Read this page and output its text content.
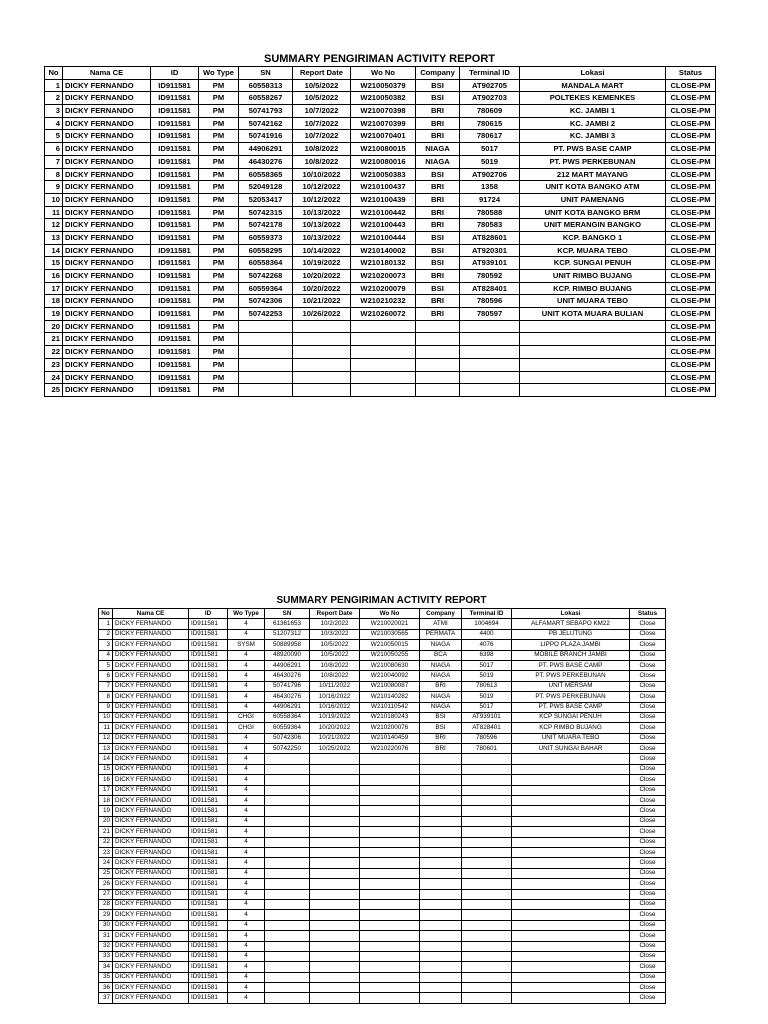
SUMMARY PENGIRIMAN ACTIVITY REPORT
No	Nama CE	ID	Wo Type	SN	Report Date	Wo No	Company	Terminal ID	Lokasi	Status
1	DICKY FERNANDO	ID911581	PM	60558313	10/5/2022	W210050379	BSI	AT902705	MANDALA MART	CLOSE-PM
2	DICKY FERNANDO	ID911581	PM	60558267	10/5/2022	W210050382	BSI	AT902703	POLTEKES KEMENKES	CLOSE-PM
3	DICKY FERNANDO	ID911581	PM	50741793	10/7/2022	W210070398	BRI	780609	KC. JAMBI 1	CLOSE-PM
4	DICKY FERNANDO	ID911581	PM	50742162	10/7/2022	W210070399	BRI	780615	KC. JAMBI 2	CLOSE-PM
5	DICKY FERNANDO	ID911581	PM	50741916	10/7/2022	W210070401	BRI	780617	KC. JAMBI 3	CLOSE-PM
6	DICKY FERNANDO	ID911581	PM	44906291	10/8/2022	W210080015	NIAGA	5017	PT. PWS BASE CAMP	CLOSE-PM
7	DICKY FERNANDO	ID911581	PM	46430276	10/8/2022	W210080016	NIAGA	5019	PT. PWS PERKEBUNAN	CLOSE-PM
8	DICKY FERNANDO	ID911581	PM	60558365	10/10/2022	W210050383	BSI	AT902706	212 MART MAYANG	CLOSE-PM
9	DICKY FERNANDO	ID911581	PM	52049128	10/12/2022	W210100437	BRI	1358	UNIT KOTA BANGKO ATM	CLOSE-PM
10	DICKY FERNANDO	ID911581	PM	52053417	10/12/2022	W210100439	BRI	91724	UNIT PAMENANG	CLOSE-PM
11	DICKY FERNANDO	ID911581	PM	50742315	10/13/2022	W210100442	BRI	780588	UNIT KOTA BANGKO BRM	CLOSE-PM
12	DICKY FERNANDO	ID911581	PM	50742178	10/13/2022	W210100443	BRI	780583	UNIT MERANGIN BANGKO	CLOSE-PM
13	DICKY FERNANDO	ID911581	PM	60559373	10/13/2022	W210100444	BSI	AT828601	KCP. BANGKO 1	CLOSE-PM
14	DICKY FERNANDO	ID911581	PM	60558295	10/14/2022	W210140002	BSI	AT920301	KCP. MUARA TEBO	CLOSE-PM
15	DICKY FERNANDO	ID911581	PM	60558364	10/19/2022	W210180132	BSI	AT939101	KCP. SUNGAI PENUH	CLOSE-PM
16	DICKY FERNANDO	ID911581	PM	50742268	10/20/2022	W210200073	BRI	780592	UNIT RIMBO BUJANG	CLOSE-PM
17	DICKY FERNANDO	ID911581	PM	60559364	10/20/2022	W210200079	BSI	AT828401	KCP. RIMBO BUJANG	CLOSE-PM
18	DICKY FERNANDO	ID911581	PM	50742306	10/21/2022	W210210232	BRI	780596	UNIT MUARA TEBO	CLOSE-PM
19	DICKY FERNANDO	ID911581	PM	50742253	10/26/2022	W210260072	BRI	780597	UNIT KOTA MUARA BULIAN	CLOSE-PM
20	DICKY FERNANDO	ID911581	PM							CLOSE-PM
21	DICKY FERNANDO	ID911581	PM							CLOSE-PM
22	DICKY FERNANDO	ID911581	PM							CLOSE-PM
23	DICKY FERNANDO	ID911581	PM							CLOSE-PM
24	DICKY FERNANDO	ID911581	PM							CLOSE-PM
25	DICKY FERNANDO	ID911581	PM							CLOSE-PM
SUMMARY PENGIRIMAN ACTIVITY REPORT
No	Nama CE	ID	Wo Type	SN	Report Date	Wo No	Company	Terminal ID	Lokasi	Status
1	DICKY FERNANDO	ID911581	4	61361653	10/2/2022	W210020021	ATMI	1004694	ALFAMART SEBAPO KM22	Close
2	DICKY FERNANDO	ID911581	4	51207312	10/3/2022	W210030565	PERMATA	4400	PB JELUTUNG	Close
3	DICKY FERNANDO	ID911581	SYSM	50889958	10/5/2022	W210050015	NIAGA	4076	LIPPO PLAZA JAMBI	Close
4	DICKY FERNANDO	ID911581	4	48920090	10/5/2022	W210050255	BCA	6398	MOBILE BRANCH JAMBI	Close
5	DICKY FERNANDO	ID911581	4	44906291	10/8/2022	W210080630	NIAGA	5017	PT. PWS BASE CAMP	Close
6	DICKY FERNANDO	ID911581	4	46430276	10/8/2022	W210040092	NIAGA	5019	PT. PWS PERKEBUNAN	Close
7	DICKY FERNANDO	ID911581	4	50741796	10/11/2022	W210080087	BRI	780613	UNIT MERSAM	Close
8	DICKY FERNANDO	ID911581	4	46430276	10/16/2022	W210140282	NIAGA	5019	PT. PWS PERKEBUNAN	Close
9	DICKY FERNANDO	ID911581	4	44906291	10/16/2022	W210110542	NIAGA	5017	PT. PWS BASE CAMP	Close
10	DICKY FERNANDO	ID911581	CHGI	60558364	10/19/2022	W210180243	BSI	AT939101	KCP SUNGAI PENUH	Close
11	DICKY FERNANDO	ID911581	CHGI	60559364	10/20/2022	W210200076	BSI	AT828401	KCP RIMBO BUJANG	Close
12	DICKY FERNANDO	ID911581	4	50742306	10/21/2022	W210140459	BRI	780596	UNIT MUARA TEBO	Close
13	DICKY FERNANDO	ID911581	4	50742250	10/25/2022	W210220076	BRI	780601	UNIT SUNGAI BAHAR	Close
14	DICKY FERNANDO	ID911581	4							Close
15	DICKY FERNANDO	ID911581	4							Close
16	DICKY FERNANDO	ID911581	4							Close
17	DICKY FERNANDO	ID911581	4							Close
18	DICKY FERNANDO	ID911581	4							Close
19	DICKY FERNANDO	ID911581	4							Close
20	DICKY FERNANDO	ID911581	4							Close
21	DICKY FERNANDO	ID911581	4							Close
22	DICKY FERNANDO	ID911581	4							Close
23	DICKY FERNANDO	ID911581	4							Close
24	DICKY FERNANDO	ID911581	4							Close
25	DICKY FERNANDO	ID911581	4							Close
26	DICKY FERNANDO	ID911581	4							Close
27	DICKY FERNANDO	ID911581	4							Close
28	DICKY FERNANDO	ID911581	4							Close
29	DICKY FERNANDO	ID911581	4							Close
30	DICKY FERNANDO	ID911581	4							Close
31	DICKY FERNANDO	ID911581	4							Close
32	DICKY FERNANDO	ID911581	4							Close
33	DICKY FERNANDO	ID911581	4							Close
34	DICKY FERNANDO	ID911581	4							Close
35	DICKY FERNANDO	ID911581	4							Close
36	DICKY FERNANDO	ID911581	4							Close
37	DICKY FERNANDO	ID911581	4							Close
